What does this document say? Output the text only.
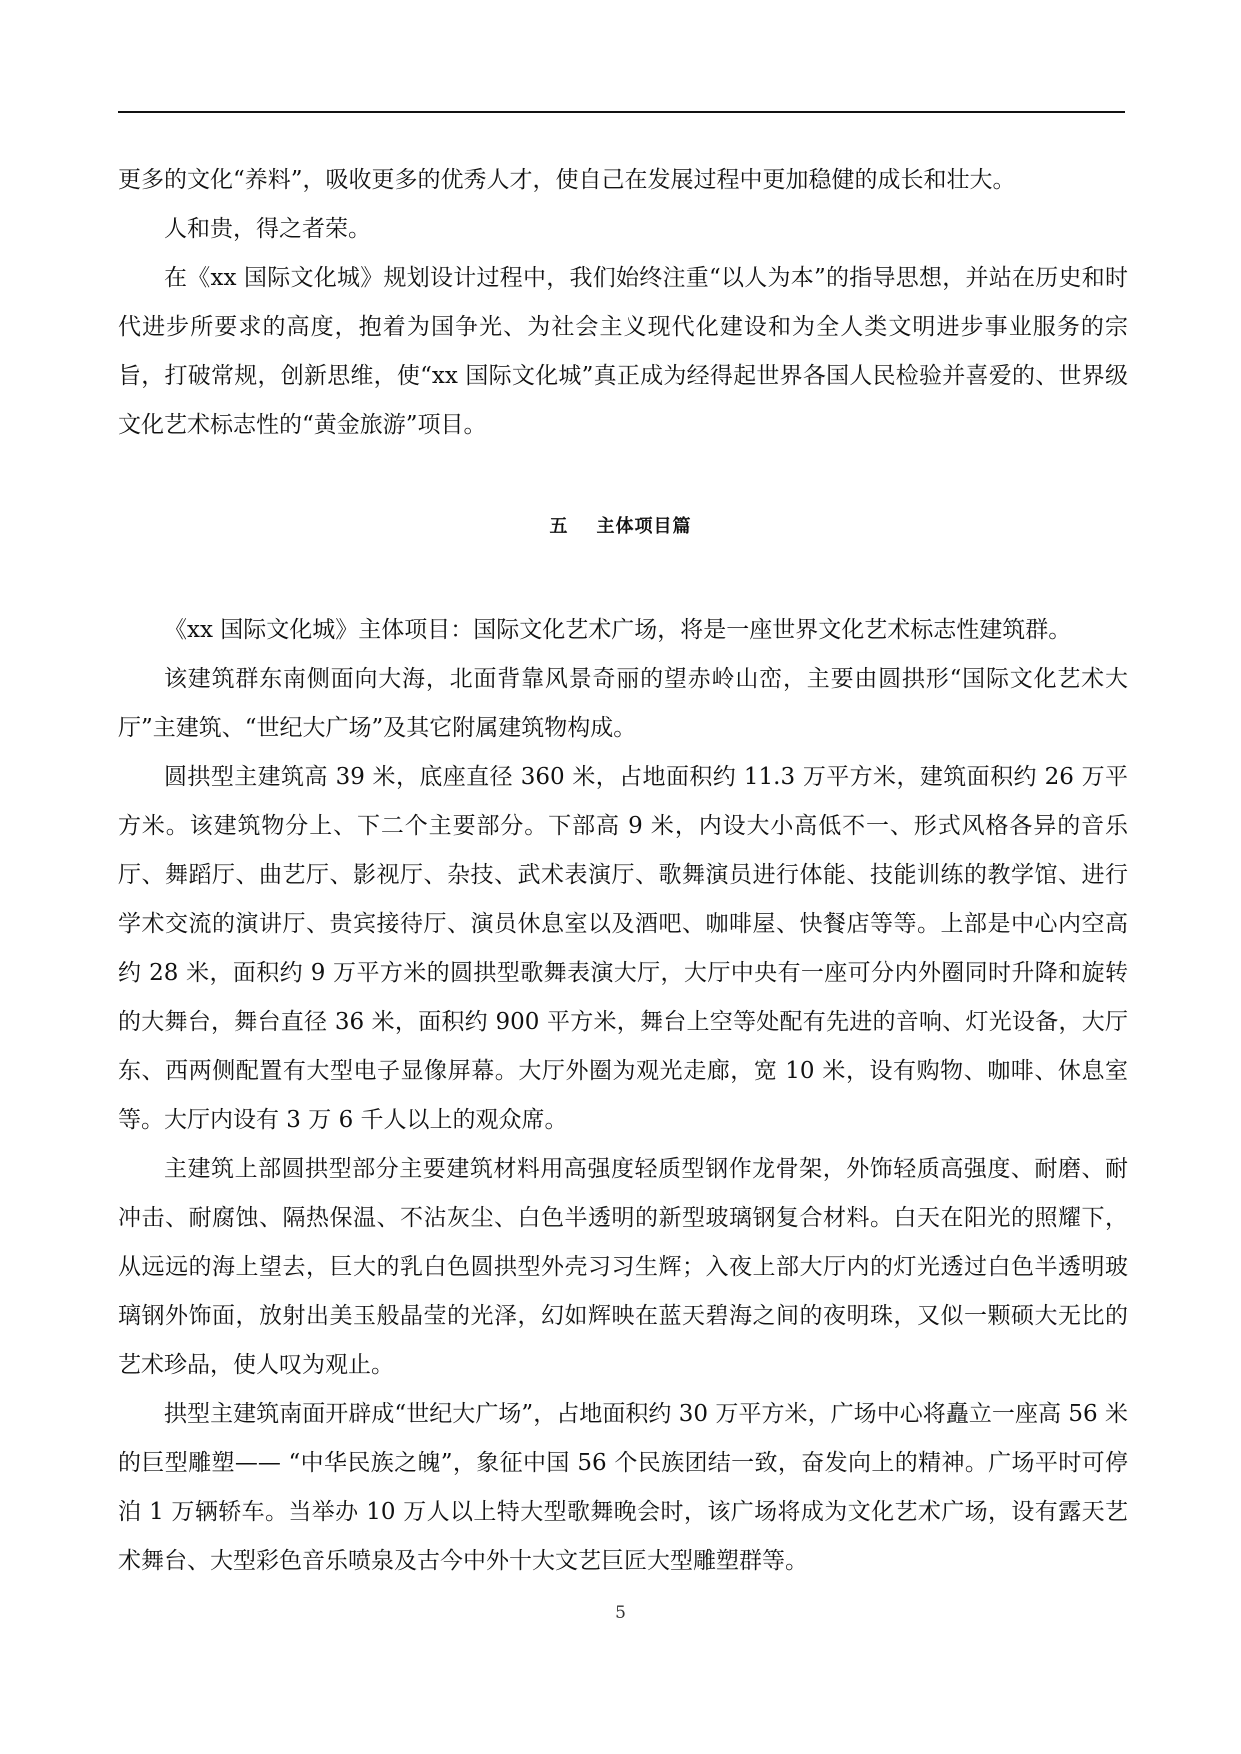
更多的文化“养料”，吸收更多的优秀人才，使自己在发展过程中更加稳健的成长和壮大。

人和贵，得之者荣。

在《xx 国际文化城》规划设计过程中，我们始终注重“以人为本”的指导思想，并站在历史和时代进步所要求的高度，抱着为国争光、为社会主义现代化建设和为全人类文明进步事业服务的宗旨，打破常规，创新思维，使“xx 国际文化城”真正成为经得起世界各国人民检验并喜爱的、世界级文化艺术标志性的“黄金旅游”项目。

五 主体项目篇

《xx 国际文化城》主体项目：国际文化艺术广场，将是一座世界文化艺术标志性建筑群。

该建筑群东南侧面向大海，北面背靠风景奇丽的望赤岭山峦，主要由圆拱形“国际文化艺术大厅”主建筑、“世纪大广场”及其它附属建筑物构成。

圆拱型主建筑高 39 米，底座直径 360 米，占地面积约 11.3 万平方米，建筑面积约 26 万平方米。该建筑物分上、下二个主要部分。下部高 9 米，内设大小高低不一、形式风格各异的音乐厅、舞蹈厅、曲艺厅、影视厅、杂技、武术表演厅、歌舞演员进行体能、技能训练的教学馆、进行学术交流的演讲厅、贵宾接待厅、演员休息室以及酒吧、咖啡屋、快餐店等等。上部是中心内空高约 28 米，面积约 9 万平方米的圆拱型歌舞表演大厅，大厅中央有一座可分内外圈同时升降和旋转的大舞台，舞台直径 36 米，面积约 900 平方米，舞台上空等处配有先进的音响、灯光设备，大厅东、西两侧配置有大型电子显像屏幕。大厅外圈为观光走廊，宽 10 米，设有购物、咖啡、休息室等。大厅内设有 3 万 6 千人以上的观众席。

主建筑上部圆拱型部分主要建筑材料用高强度轻质型钢作龙骨架，外饰轻质高强度、耐磨、耐冲击、耐腐蚀、隔热保温、不沾灰尘、白色半透明的新型玻璃钢复合材料。白天在阳光的照耀下，从远远的海上望去，巨大的乳白色圆拱型外壳习习生辉；入夜上部大厅内的灯光透过白色半透明玻璃钢外饰面，放射出美玉般晶莹的光泽，幻如辉映在蓝天碧海之间的夜明珠，又似一颗硕大无比的艺术珍品，使人叹为观止。

拱型主建筑南面开辟成“世纪大广场”，占地面积约 30 万平方米，广场中心将矗立一座高 56 米的巨型雕塑—— “中华民族之魄”，象征中国 56 个民族团结一致，奋发向上的精神。广场平时可停泊 1 万辆轿车。当举办 10 万人以上特大型歌舞晚会时，该广场将成为文化艺术广场，设有露天艺术舞台、大型彩色音乐喷泉及古今中外十大文艺巨匠大型雕塑群等。

5
